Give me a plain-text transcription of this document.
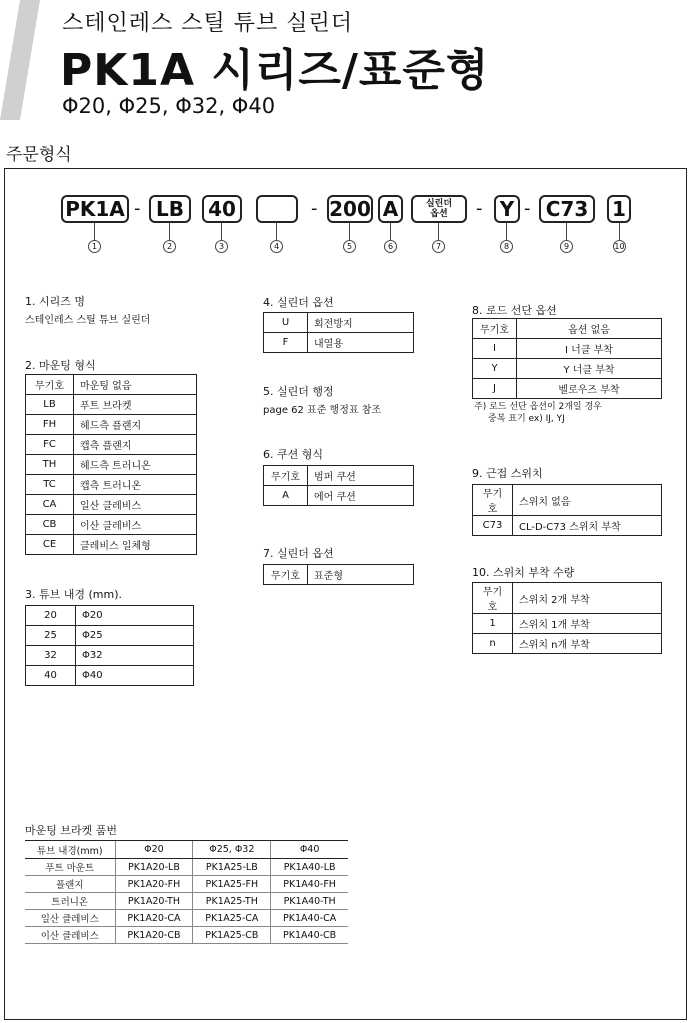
스테인레스 스틸 튜브 실린더
PK1A 시리즈/표준형
Φ20, Φ25, Φ32, Φ40
주문형식
PK1A - LB	40	- 200 A	실린더
옵션 - Y - C73	1
1	2	3	4	5	6	7	8	9	10
1. 시리즈 명
스테인레스 스틸 튜브 실린더
2. 마운팅 형식
무기호	마운팅 없음
LB	푸트 브라켓
FH	헤드측 플랜지
FC	캡측 플랜지
TH	헤드측 트러니온
TC	캡측 트러니온
CA	일산 클레비스
CB	이산 클레비스
CE	클레비스 일체형
3. 튜브 내경 (mm).
20	Φ20
25	Φ25
32	Φ32
40	Φ40
4. 실린더 옵션
U	회전방지
F	내열용
5. 실린더 행정
page 62 표준 행정표 참조
6. 쿠션 형식
무기호	범퍼 쿠션
A	에어 쿠션
7. 실린더 옵션
무기호	표준형
8. 로드 선단 옵션
무기호	옵션 없음
I	I 너클 부착
Y	Y 너클 부착
J	벨로우즈 부착
주) 로드 선단 옵션이 2개일 경우
중복 표기 ex) IJ, YJ
9. 근접 스위치
무기호	스위치 없음
C73	CL-D-C73 스위치 부착
10. 스위치 부착 수량
무기호	스위치 2개 부착
1	스위치 1개 부착
n	스위치 n개 부착
마운팅 브라켓 품번
튜브 내경(mm)	Φ20	Φ25, Φ32	Φ40
푸트 마운트	PK1A20-LB	PK1A25-LB	PK1A40-LB
플랜지	PK1A20-FH	PK1A25-FH	PK1A40-FH
트러니온	PK1A20-TH	PK1A25-TH	PK1A40-TH
일산 클레비스	PK1A20-CA	PK1A25-CA	PK1A40-CA
이산 클레비스	PK1A20-CB	PK1A25-CB	PK1A40-CB
